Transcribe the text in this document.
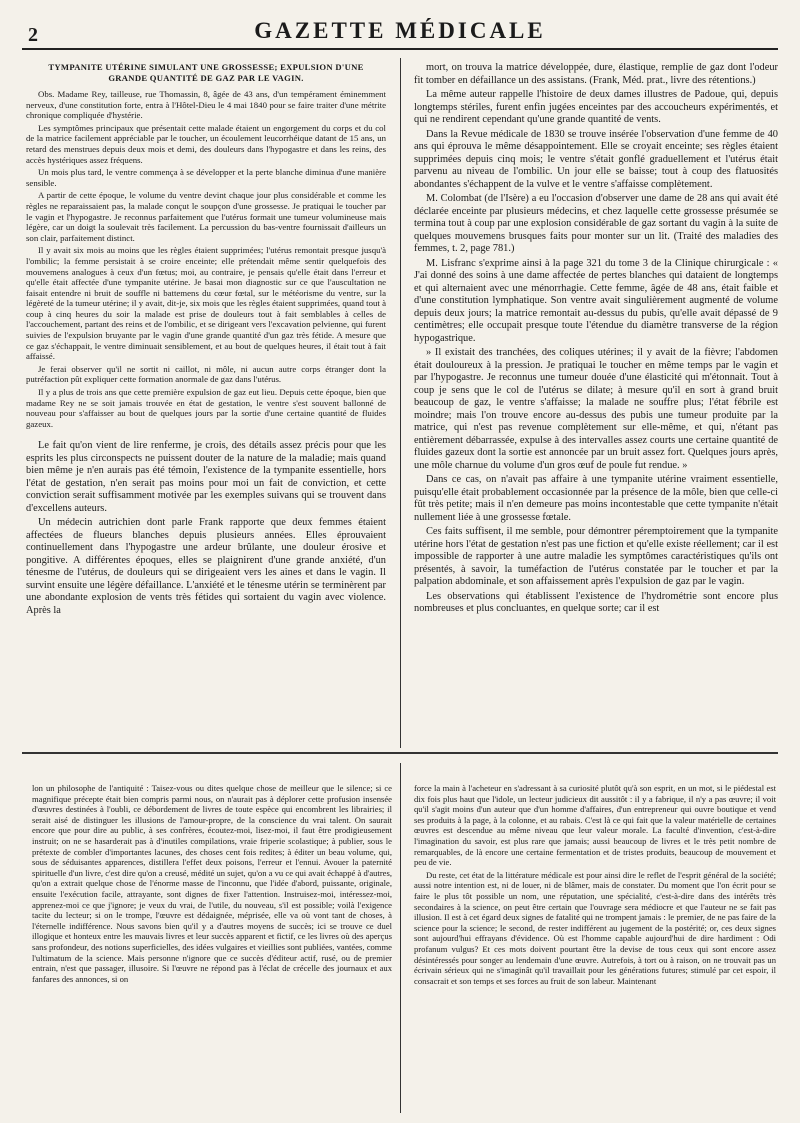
2	GAZETTE MÉDICALE
TYMPANITE UTÉRINE SIMULANT UNE GROSSESSE; EXPULSION D'UNE GRANDE QUANTITÉ DE GAZ PAR LE VAGIN.

Obs. Madame Rey, tailleuse, rue Thomassin, 8, âgée de 43 ans, d'un tempérament éminemment nerveux, d'une constitution forte, entra à l'Hôtel-Dieu le 4 mai 1840 pour se faire traiter d'une métrite chronique compliquée d'hystérie.

Les symptômes principaux que présentait cette malade étaient un engorgement du corps et du col de la matrice facilement appréciable par le toucher, un écoulement leucorrhéique datant de 15 ans, un retard des menstrues depuis deux mois et demi, des douleurs dans l'hypogastre et dans les reins, des accès hystériques assez fréquens.

Un mois plus tard, le ventre commença à se développer et la perte blanche diminua d'une manière sensible.

A partir de cette époque, le volume du ventre devint chaque jour plus considérable et comme les règles ne reparaissaient pas, la malade conçut le soupçon d'une grossesse. Je pratiquai le toucher par le vagin et l'hypogastre. Je reconnus parfaitement que l'utérus formait une tumeur volumineuse mais légère, car un doigt la soulevait très facilement. La percussion du bas-ventre fournissait d'ailleurs un son clair, parfaitement distinct.

Il y avait six mois au moins que les règles étaient supprimées; l'utérus remontait presque jusqu'à l'ombilic; la femme persistait à se croire enceinte; elle prétendait même sentir quelquefois des mouvemens analogues à ceux d'un fœtus; moi, au contraire, je pensais qu'elle était dans l'erreur et qu'elle était affectée d'une tympanite utérine. Je basai mon diagnostic sur ce que l'auscultation ne faisait entendre ni bruit de souffle ni battemens du cœur fœtal, sur le météorisme du ventre, sur la légèreté de la tumeur utérine; il y avait, dit-je, six mois que les règles étaient supprimées, quand tout à coup à cinq heures du soir la malade est prise de douleurs tout à fait semblables à celles de l'accouchement, partant des reins et de l'ombilic, et se dirigeant vers l'excavation pelvienne, qui furent suivies de l'expulsion bruyante par le vagin d'une grande quantité d'un gaz très fétide. A mesure que ce gaz s'échappait, le ventre diminuait sensiblement, et au bout de quelques heures, il était tout à fait affaissé.

Je ferai observer qu'il ne sortit ni caillot, ni môle, ni aucun autre corps étranger dont la putréfaction pût expliquer cette formation anormale de gaz dans l'utérus.

Il y a plus de trois ans que cette première expulsion de gaz eut lieu. Depuis cette époque, bien que madame Rey ne se soit jamais trouvée en état de gestation, le ventre s'est souvent ballonné de nouveau pour s'affaisser au bout de quelques jours par la sortie d'une certaine quantité de fluides gazeux.

Le fait qu'on vient de lire renferme, je crois, des détails assez précis pour que les esprits les plus circonspects ne puissent douter de la nature de la maladie; mais quand bien même je n'en aurais pas été témoin, l'existence de la tympanite essentielle, hors l'état de gestation, n'en serait pas moins pour moi un fait de conviction, et cette conviction serait suffisamment motivée par les exemples suivans qui se trouvent dans d'excellens auteurs.

Un médecin autrichien dont parle Frank rapporte que deux femmes étaient affectées de flueurs blanches depuis plusieurs années. Elles éprouvaient continuellement dans l'hypogastre une ardeur brûlante, une douleur érosive et pongitive. A différentes époques, elles se plaignirent d'une grande anxiété, d'un ténesme de l'utérus, de douleurs qui se dirigeaient vers les aines et dans le vagin. Il survint ensuite une légère défaillance. L'anxiété et le ténesme utérin se terminèrent par une abondante explosion de vents très fétides qui sortaient du vagin avec violence. Après la

mort, on trouva la matrice développée, dure, élastique, remplie de gaz dont l'odeur fit tomber en défaillance un des assistans. (Frank, Méd. prat., livre des rétentions.)

La même auteur rappelle l'histoire de deux dames illustres de Padoue, qui, depuis longtemps stériles, furent enfin jugées enceintes par des accoucheurs expérimentés, et qui ne rendirent cependant qu'une grande quantité de vents.

Dans la Revue médicale de 1830 se trouve insérée l'observation d'une femme de 40 ans qui éprouva le même désappointement. Elle se croyait enceinte; ses règles étaient supprimées depuis cinq mois; le ventre s'était gonflé graduellement et l'utérus était parvenu au niveau de l'ombilic. Un jour elle se baisse; tout à coup des flatuosités abondantes s'échappent de la vulve et le ventre s'affaisse complètement.

M. Colombat (de l'Isère) a eu l'occasion d'observer une dame de 28 ans qui avait été déclarée enceinte par plusieurs médecins, et chez laquelle cette grossesse présumée se termina tout à coup par une explosion considérable de gaz sortant du vagin à la suite de quelques mouvemens brusques faits pour monter sur un lit. (Traité des maladies des femmes, t. 2, page 781.)

M. Lisfranc s'exprime ainsi à la page 321 du tome 3 de la Clinique chirurgicale : « J'ai donné des soins à une dame affectée de pertes blanches qui dataient de longtemps et qui alternaient avec une ménorrhagie. Cette femme, âgée de 48 ans, était faible et d'une constitution lymphatique. Son ventre avait singulièrement augmenté de volume depuis deux jours; la matrice remontait au-dessus du pubis, qu'elle avait dépassé de 9 centimètres; elle occupait presque toute l'étendue du diamètre transverse de la région hypogastrique.

» Il existait des tranchées, des coliques utérines; il y avait de la fièvre; l'abdomen était douloureux à la pression. Je pratiquai le toucher en même temps par le vagin et par l'hypogastre. Je reconnus une tumeur douée d'une élasticité qui m'étonnait. Tout à coup je sens que le col de l'utérus se dilate; à mesure qu'il en sort à grand bruit beaucoup de gaz, le ventre s'affaisse; la malade ne souffre plus; l'état fébrile est moindre; mais l'on trouve encore au-dessus des pubis une tumeur produite par la matrice, qui n'est pas revenue complètement sur elle-même, et qui, n'étant pas entièrement débarrassée, expulse à des intervalles assez courts une certaine quantité de fluides gazeux dont la sortie est annoncée par un bruit assez fort. Quelques jours après, une môle charnue du volume d'un gros œuf de poule fut rendue. »

Dans ce cas, on n'avait pas affaire à une tympanite utérine vraiment essentielle, puisqu'elle était probablement occasionnée par la présence de la môle, bien que celle-ci fût très petite; mais il n'en demeure pas moins incontestable que cette tympanite n'était nullement liée à une grossesse fœtale.

Ces faits suffisent, il me semble, pour démontrer péremptoirement que la tympanite utérine hors l'état de gestation n'est pas une fiction et qu'elle existe réellement; car il est impossible de rapporter à une autre maladie les symptômes caractéristiques qu'ils ont présentés, à savoir, la tuméfaction de l'utérus constatée par le toucher et par la palpation abdominale, et son affaissement après l'expulsion de gaz par le vagin.

Les observations qui établissent l'existence de l'hydrométrie sont encore plus nombreuses et plus concluantes, en quelque sorte; car il est

lon un philosophe de l'antiquité : Taisez-vous ou dites quelque chose de meilleur que le silence; si ce magnifique précepte était bien compris parmi nous, on n'aurait pas à déplorer cette profusion insensée d'œuvres destinées à l'oubli, ce débordement de livres de toute espèce qui encombrent les librairies; il serait aisé de distinguer les illusions de l'amour-propre, de la conscience du vrai talent. On saurait encore que pour dire au public, à ses confrères, écoutez-moi, lisez-moi, il faut être prodigieusement instruit; on ne se hasarderait pas à d'inutiles compilations, vraie friperie scolastique; à publier, sous le prétexte de combler d'importantes lacunes, des choses cent fois redites; à éditer un beau volume, qui, sous de séduisantes apparences, distillera l'effet deux poisons, l'erreur et l'ennui. Avouer la paternité spirituelle d'un livre, c'est dire qu'on a creusé, médité un sujet, qu'on a vu ce qui avait échappé à d'autres, qu'on a extrait quelque chose de l'énorme masse de l'inconnu, que l'idée d'abord, puissante, originale, ensuite l'exécution facile, attrayante, sont dignes de fixer l'attention. Instruisez-moi, intéressez-moi, apprenez-moi ce que j'ignore; je veux du vrai, de l'utile, du nouveau, s'il est possible; voilà l'exigence tacite du lecteur; si on le trompe, l'œuvre est dédaignée, méprisée, elle va où vont tant de choses, à l'éternelle indifférence. Nous savons bien qu'il y a d'autres moyens de succès; ici se trouve ce duel illogique et honteux entre les mauvais livres et leur succès apparent et fictif, ce les livres où des aperçus sans profondeur, des notions superficielles, des idées vulgaires et vieillies sont publiées, vantées, comme l'ultimatum de la science. Mais personne n'ignore que ce succès d'éditeur actif, rusé, ou de premier entrain, n'est que passager, illusoire. Si l'œuvre ne répond pas à l'éclat de crécelle des journaux et aux fanfares des annonces, si on

force la main à l'acheteur en s'adressant à sa curiosité plutôt qu'à son esprit, en un mot, si le piédestal est dix fois plus haut que l'idole, un lecteur judicieux dit aussitôt : il y a fabrique, il n'y a pas œuvre; il voit qu'il s'agit moins d'un auteur que d'un homme d'affaires, d'un entrepreneur qui ouvre boutique et vend ses produits à la page, à la colonne, et au rabais. C'est là ce qui fait que la valeur matérielle de certaines œuvres est descendue au même niveau que leur valeur morale. La faculté d'invention, c'est-à-dire l'imagination du savoir, est plus rare que jamais; aussi beaucoup de livres et le très petit nombre de remarquables, de là encore une certaine fermentation et de tristes produits, beaucoup de mouvement et peu de vie.

Du reste, cet état de la littérature médicale est pour ainsi dire le reflet de l'esprit général de la société; aussi notre intention est, ni de louer, ni de blâmer, mais de constater. Du moment que l'on écrit pour se faire le plus tôt possible un nom, une réputation, une spécialité, c'est-à-dire dans des intérêts très secondaires à la science, on peut être certain que l'ouvrage sera médiocre et que l'auteur ne se fait pas illusion. Il est à cet égard deux signes de fatalité qui ne trompent jamais : le premier, de ne pas faire de la science pour la science; le second, de rester indifférent au jugement de la postérité; or, ces deux signes sont aujourd'hui effrayans d'évidence. Où est l'homme capable aujourd'hui de dire hardiment : Odi profanum vulgus? Et ces mots doivent pourtant être la devise de tous ceux qui sont encore assez désintéressés pour songer au lendemain d'une œuvre. Autrefois, à tort ou à raison, on ne trouvait pas un écrivain sérieux qui ne s'imaginât qu'il travaillait pour les générations futures; stimulé par cet espoir, il consacrait et son temps et ses forces au fruit de son labeur. Maintenant
